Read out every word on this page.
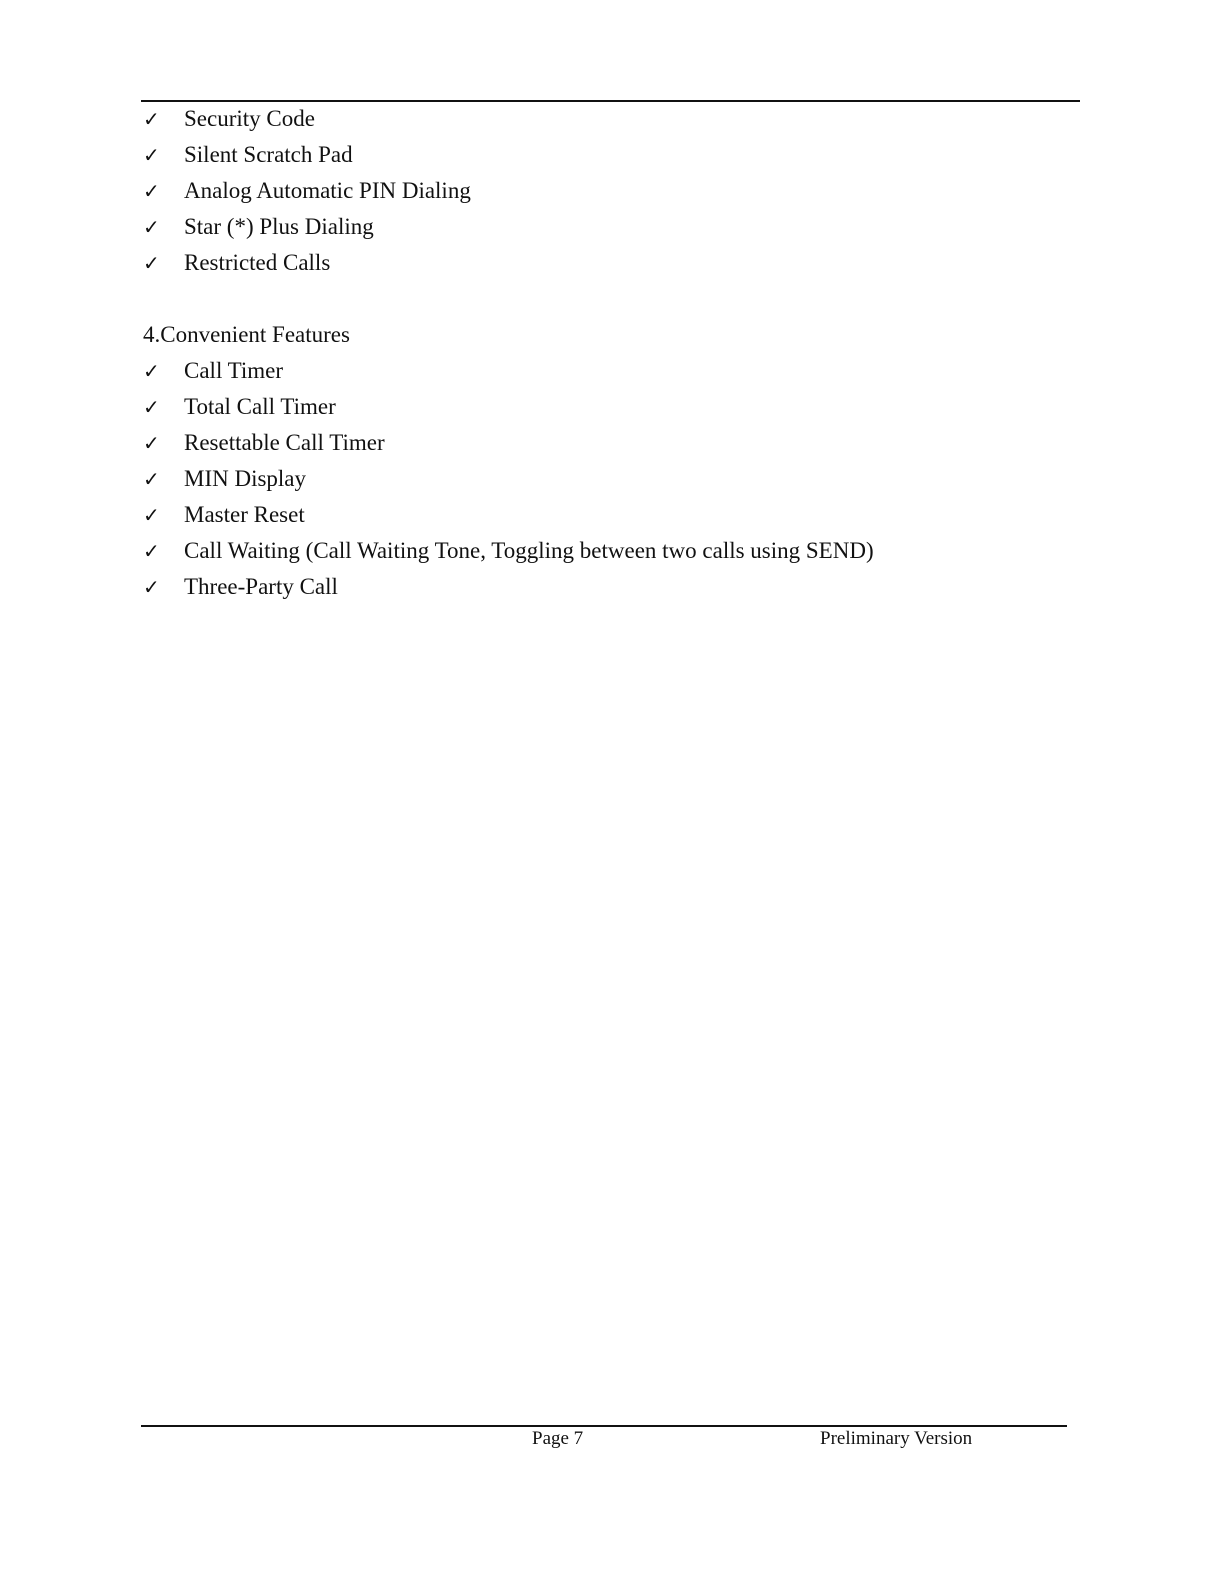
✓ Security Code
✓ Silent Scratch Pad
✓ Analog Automatic PIN Dialing
✓ Star (*) Plus Dialing
✓ Restricted Calls
4.Convenient Features
✓ Call Timer
✓ Total Call Timer
✓ Resettable Call Timer
✓ MIN Display
✓ Master Reset
✓ Call Waiting (Call Waiting Tone, Toggling between two calls using SEND)
✓ Three-Party Call
Page 7	Preliminary Version
